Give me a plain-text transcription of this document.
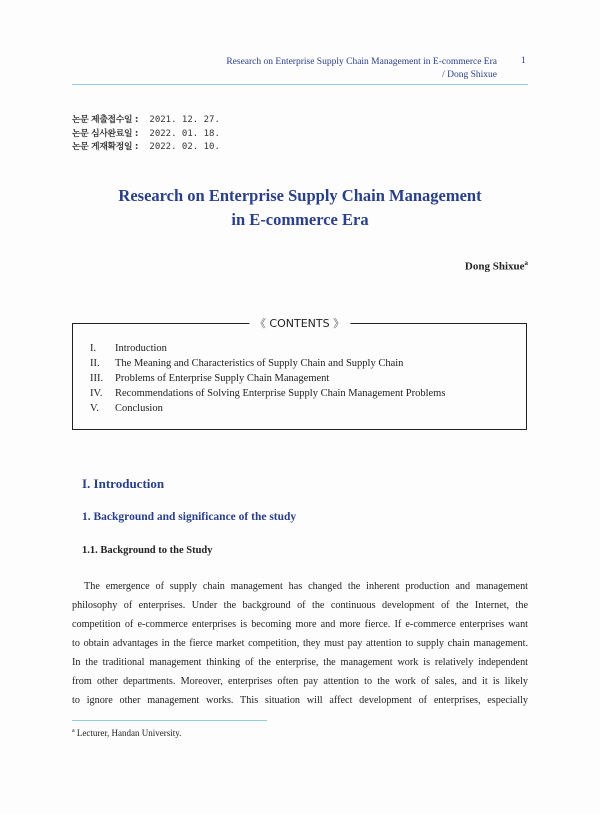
Research on Enterprise Supply Chain Management in E-commerce Era
/ Dong Shixue
1
논문 제출접수일 : 2021. 12. 27.
논문 심사완료일 : 2022. 01. 18.
논문 게재확정일 : 2022. 02. 10.
Research on Enterprise Supply Chain Management
in E-commerce Era
Dong Shixue$^a$
《 CONTENTS 》
I. Introduction
II. The Meaning and Characteristics of Supply Chain and Supply Chain
III. Problems of Enterprise Supply Chain Management
IV. Recommendations of Solving Enterprise Supply Chain Management Problems
V. Conclusion
I. Introduction
1. Background and significance of the study
1.1. Background to the Study
The emergence of supply chain management has changed the inherent production and management
philosophy of enterprises. Under the background of the continuous development of the Internet, the
competition of e-commerce enterprises is becoming more and more fierce. If e-commerce enterprises want
to obtain advantages in the fierce market competition, they must pay attention to supply chain management.
In the traditional management thinking of the enterprise, the management work is relatively independent
from other departments. Moreover, enterprises often pay attention to the work of sales, and it is likely
to ignore other management works. This situation will affect development of enterprises, especially
$^a$ Lecturer, Handan University.
